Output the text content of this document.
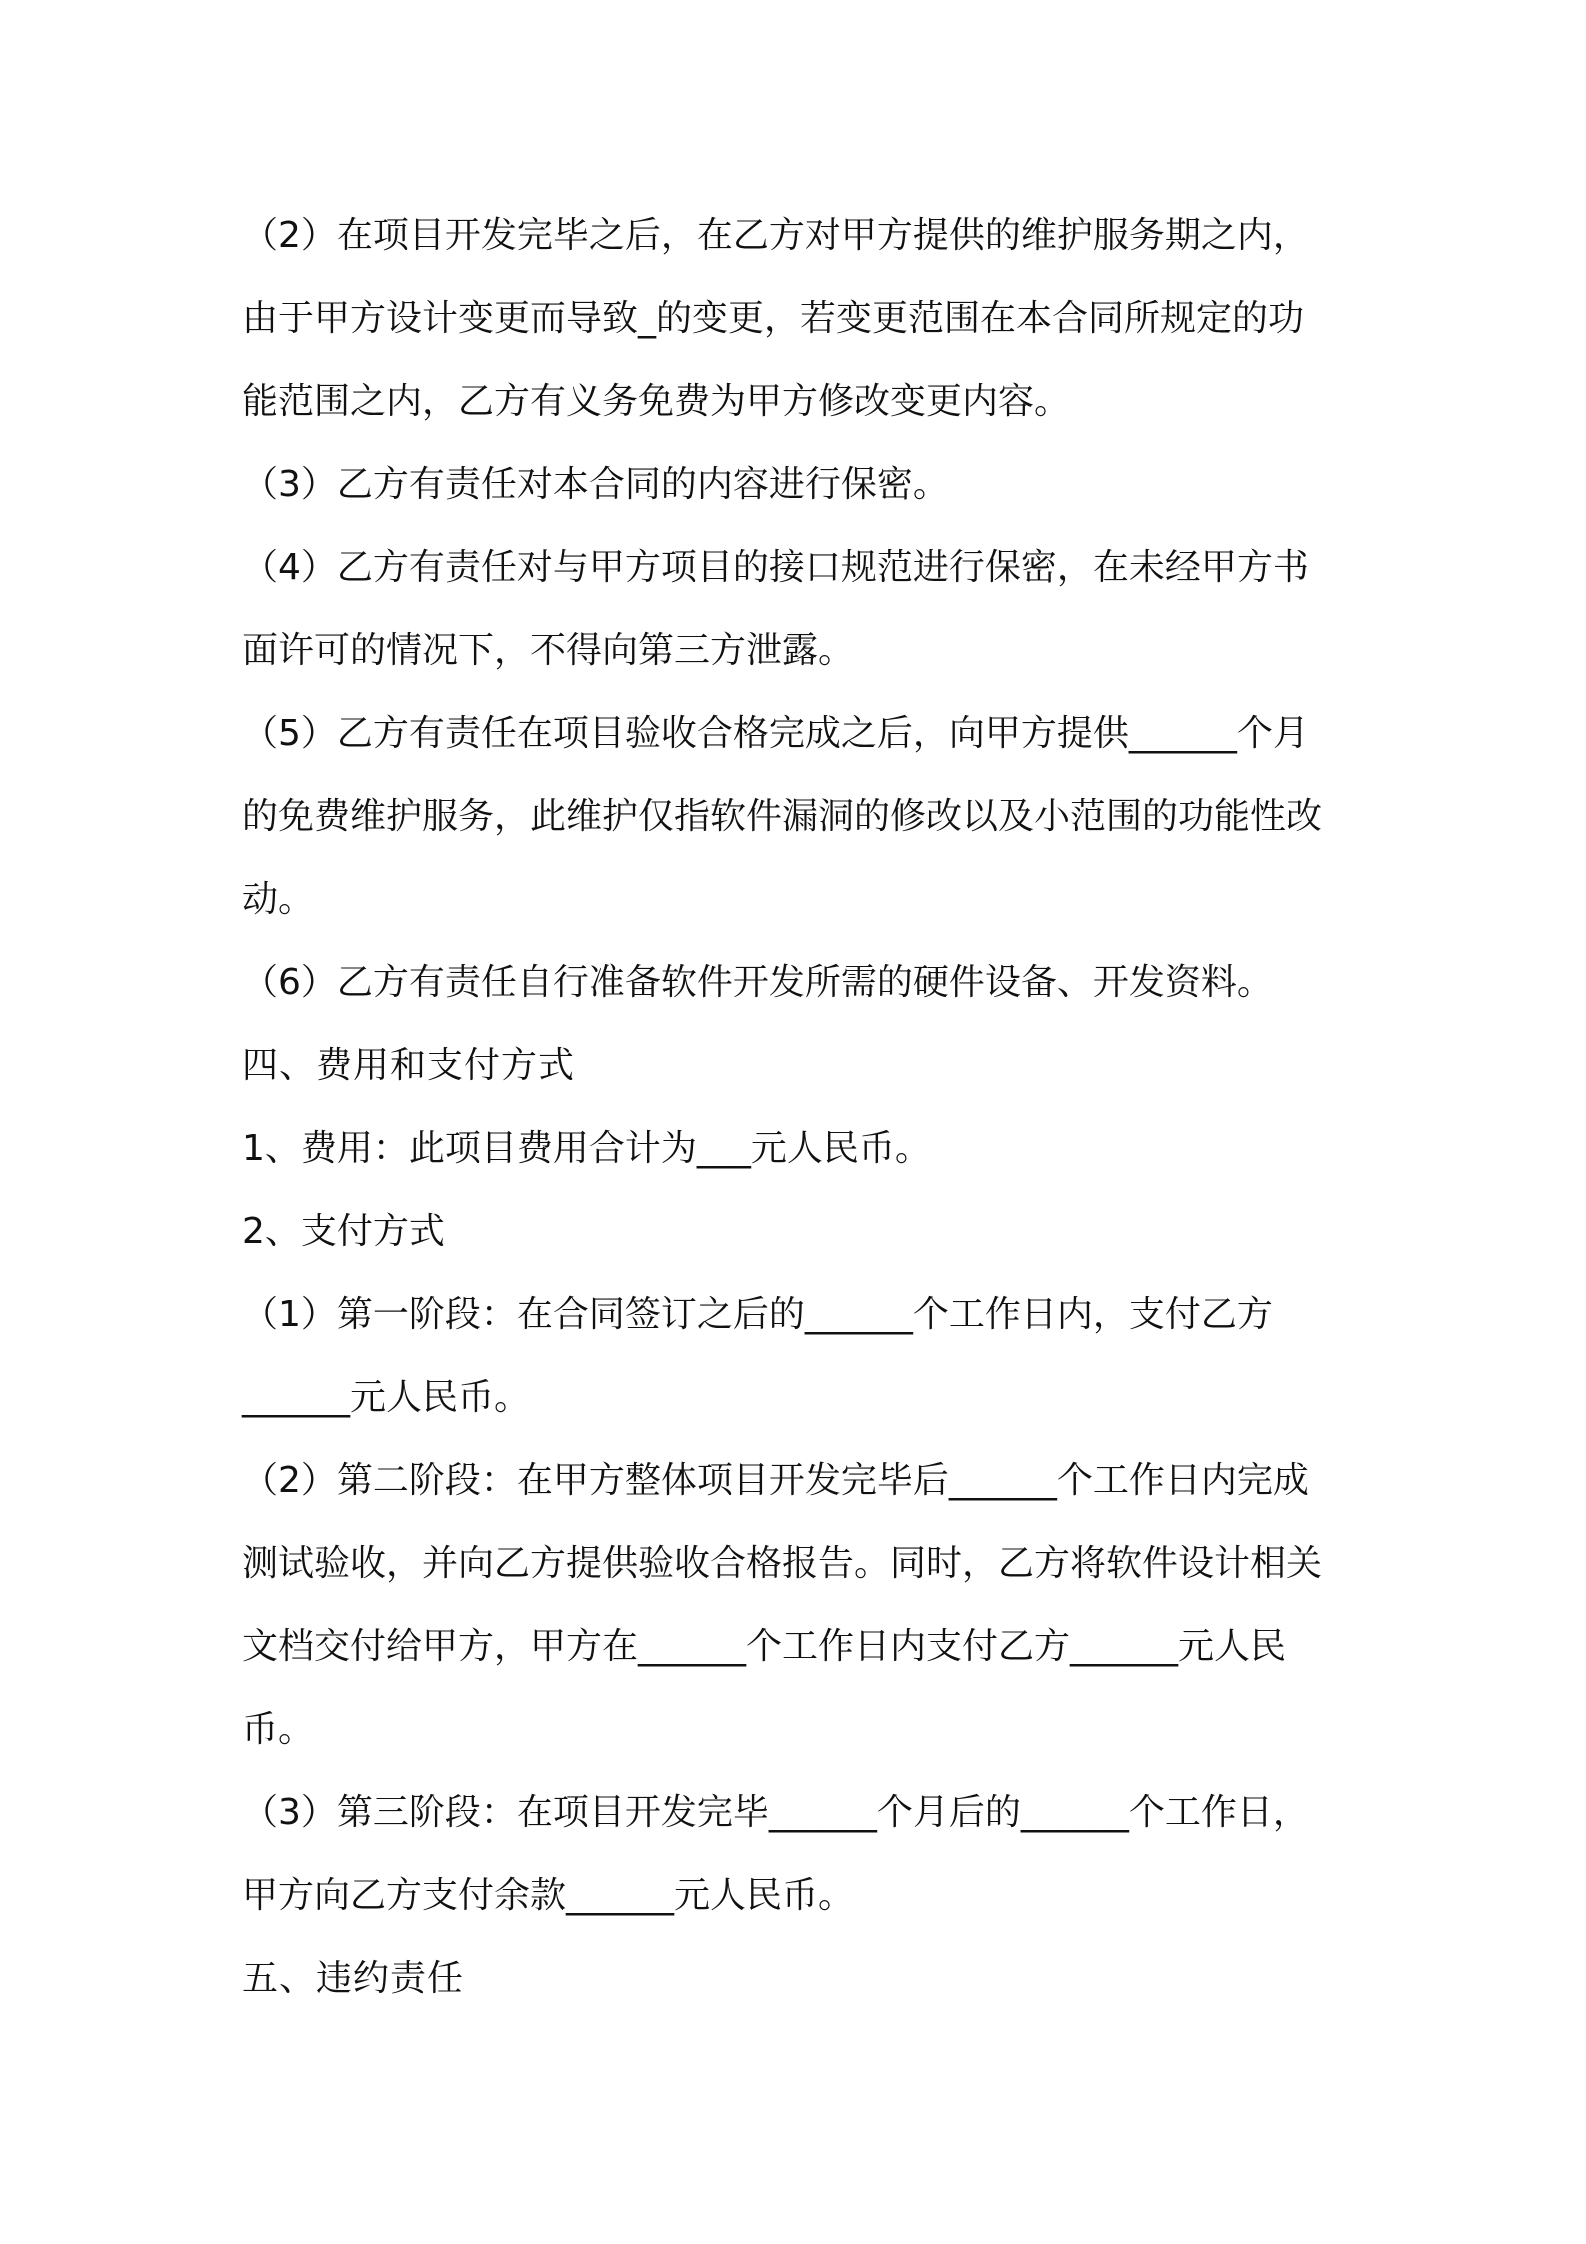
（2）在项目开发完毕之后，在乙方对甲方提供的维护服务期之内，
由于甲方设计变更而导致_的变更，若变更范围在本合同所规定的功
能范围之内，乙方有义务免费为甲方修改变更内容。
（3）乙方有责任对本合同的内容进行保密。
（4）乙方有责任对与甲方项目的接口规范进行保密，在未经甲方书
面许可的情况下，不得向第三方泄露。
（5）乙方有责任在项目验收合格完成之后，向甲方提供______个月
的免费维护服务，此维护仅指软件漏洞的修改以及小范围的功能性改
动。
（6）乙方有责任自行准备软件开发所需的硬件设备、开发资料。
四、费用和支付方式
1、费用：此项目费用合计为___元人民币。
2、支付方式
（1）第一阶段：在合同签订之后的______个工作日内，支付乙方
______元人民币。
（2）第二阶段：在甲方整体项目开发完毕后______个工作日内完成
测试验收，并向乙方提供验收合格报告。同时，乙方将软件设计相关
文档交付给甲方，甲方在______个工作日内支付乙方______元人民
币。
（3）第三阶段：在项目开发完毕______个月后的______个工作日，
甲方向乙方支付余款______元人民币。
五、违约责任
